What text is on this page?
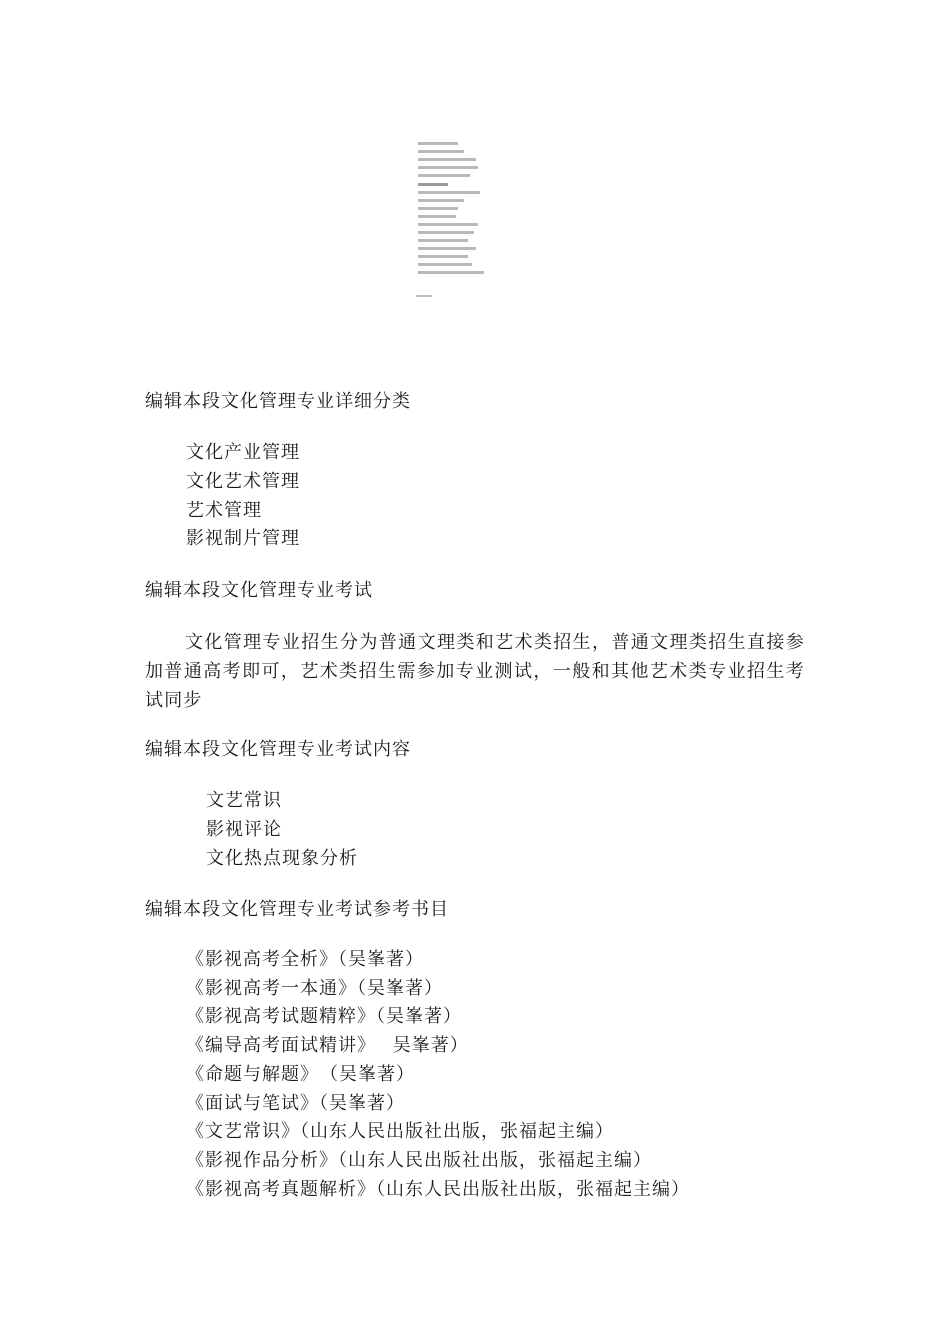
编辑本段文化管理专业详细分类
文化产业管理
文化艺术管理
艺术管理
影视制片管理
编辑本段文化管理专业考试
文化管理专业招生分为普通文理类和艺术类招生，普通文理类招生直接参加普通高考即可，艺术类招生需参加专业测试，一般和其他艺术类专业招生考试同步
编辑本段文化管理专业考试内容
文艺常识
影视评论
文化热点现象分析
编辑本段文化管理专业考试参考书目
《影视高考全析》（吴峯著）
《影视高考一本通》（吴峯著）
《影视高考试题精粹》（吴峯著）
《编导高考面试精讲》　 吴峯著）
《命题与解题》　（吴峯著）
《面试与笔试》（吴峯著）
《文艺常识》（山东人民出版社出版，张福起主编）
《影视作品分析》（山东人民出版社出版，张福起主编）
《影视高考真题解析》（山东人民出版社出版，张福起主编）
